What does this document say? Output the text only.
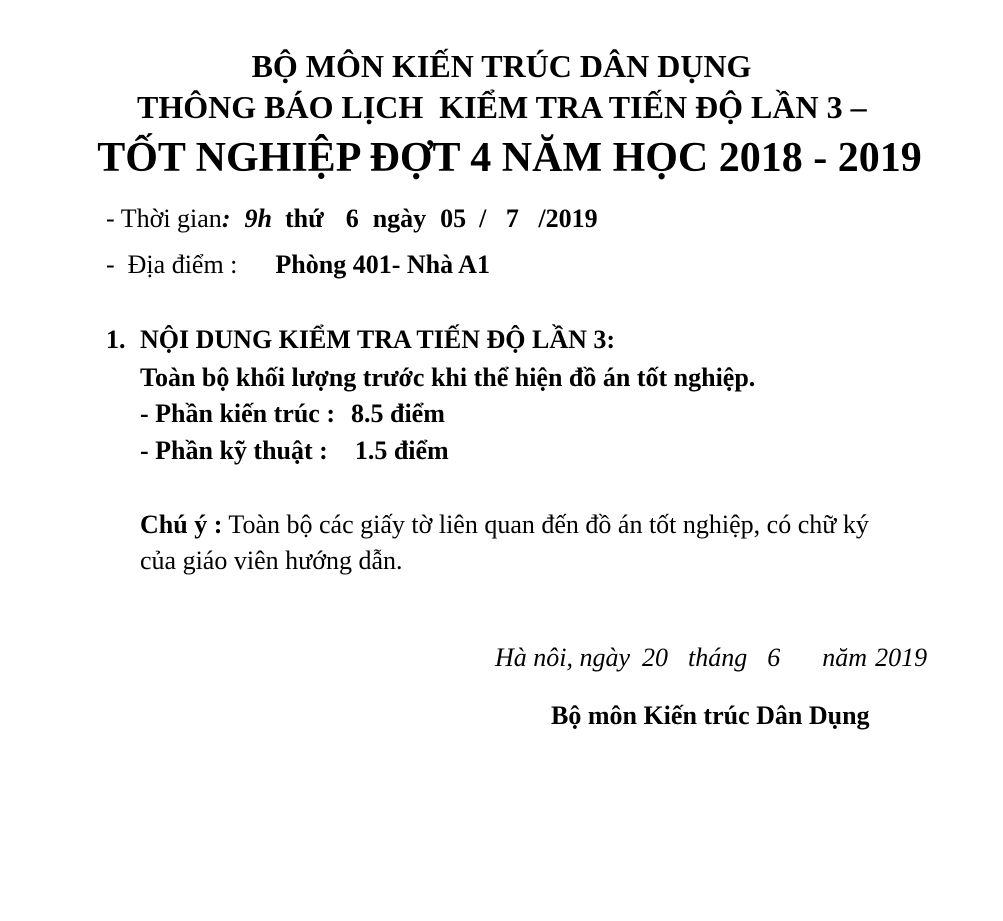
BỘ MÔN KIẾN TRÚC DÂN DỤNG
THÔNG BÁO LỊCH  KIỂM TRA TIẾN ĐỘ LẦN 3 –
TỐT NGHIỆP ĐỢT 4 NĂM HỌC 2018 - 2019
- Thời gian: 9h thứ 6 ngày 05  /   7   /2019
-  Địa điểm : Phòng 401- Nhà A1
1. NỘI DUNG KIỂM TRA TIẾN ĐỘ LẦN 3:
Toàn bộ khối lượng trước khi thể hiện đồ án tốt nghiệp.
- Phần kiến trúc : 8.5 điểm
- Phần kỹ thuật : 1.5 điểm
Chú ý : Toàn bộ các giấy tờ liên quan đến đồ án tốt nghiệp, có chữ ký
của giáo viên hướng dẫn.
Hà nôi, ngày 20 tháng 6 năm 2019
Bộ môn Kiến trúc Dân Dụng
